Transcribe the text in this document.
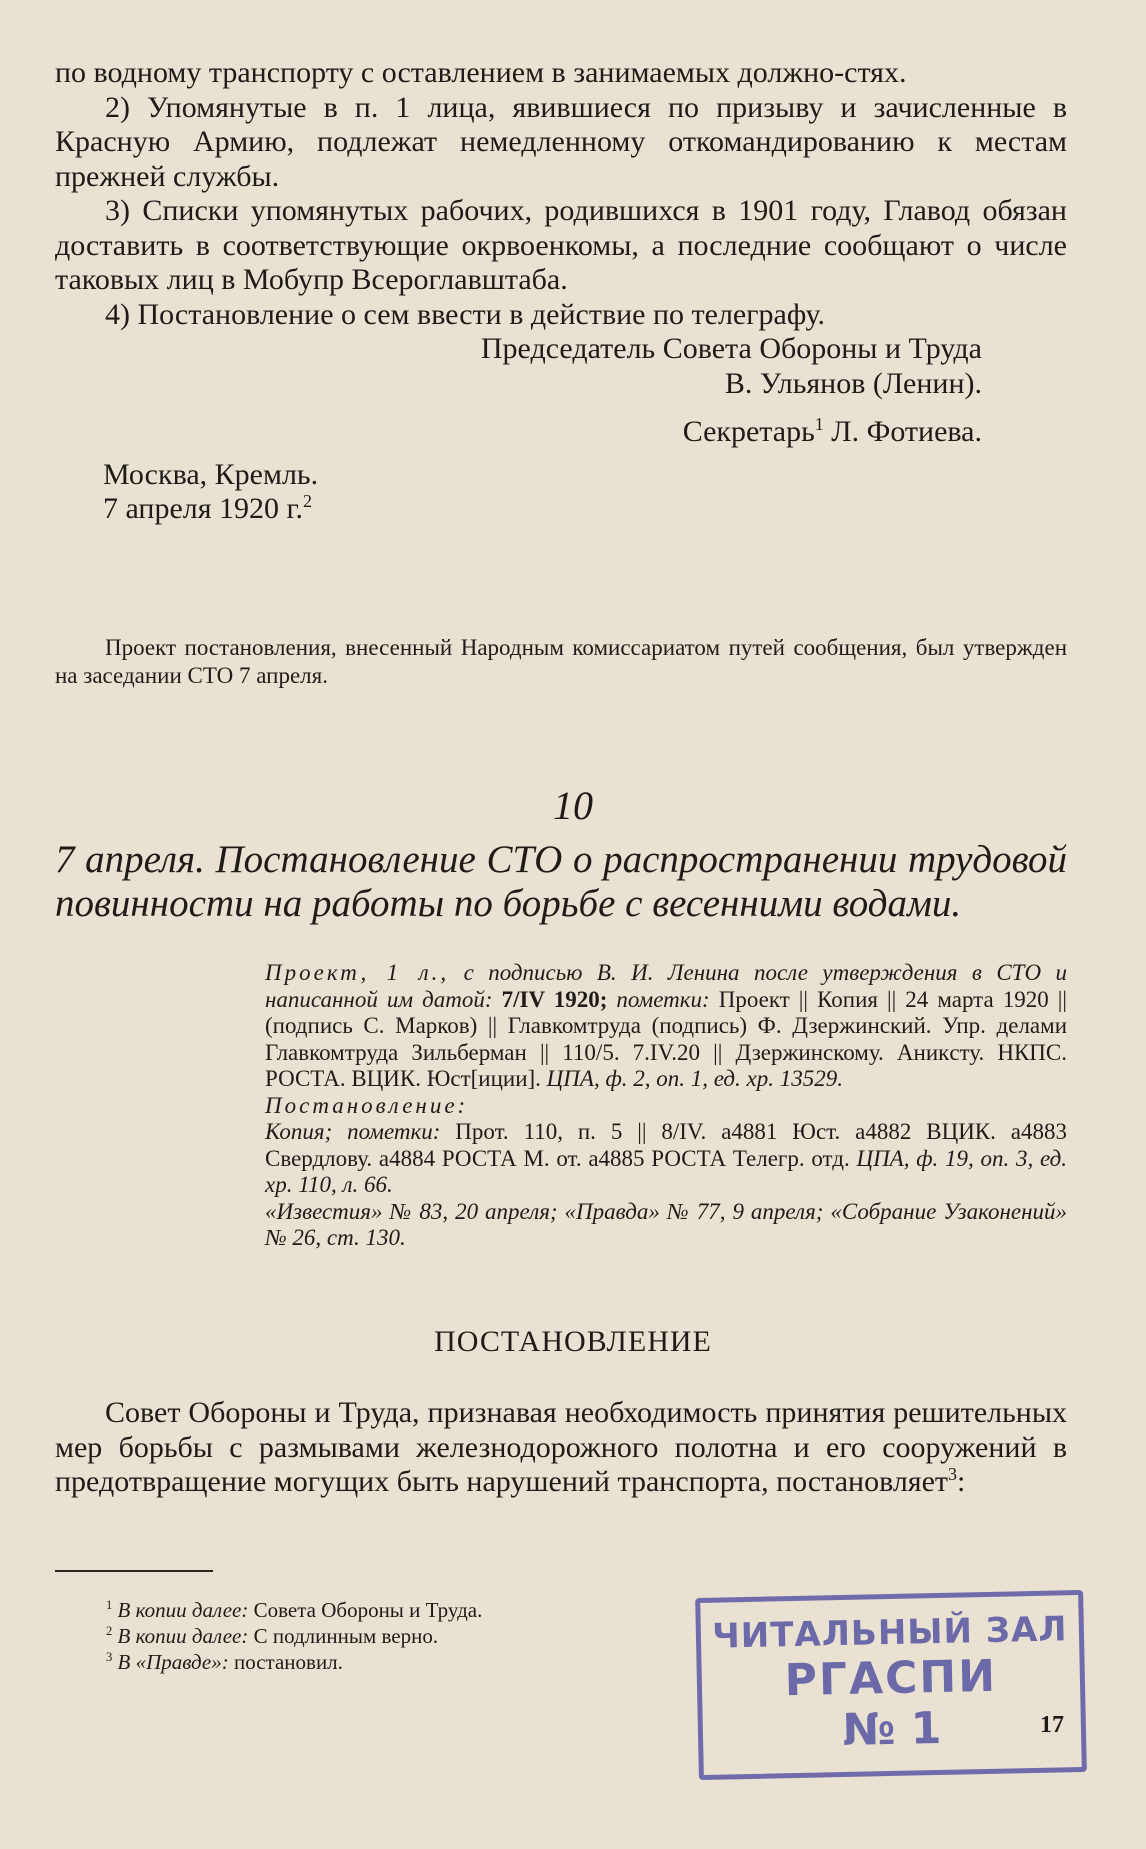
по водному транспорту с оставлением в занимаемых должно-стях.

2) Упомянутые в п. 1 лица, явившиеся по призыву и зачисленные в Красную Армию, подлежат немедленному откомандированию к местам прежней службы.

3) Списки упомянутых рабочих, родившихся в 1901 году, Главод обязан доставить в соответствующие окрвоенкомы, а последние сообщают о числе таковых лиц в Мобупр Всероглавштаба.

4) Постановление о сем ввести в действие по телеграфу.

Председатель Совета Обороны и Труда

В. Ульянов (Ленин).

Секретарь$^1$ Л. Фотиева.

Москва, Кремль.

7 апреля 1920 г.$^2$

Проект постановления, внесенный Народным комиссариатом путей сообщения, был утвержден на заседании СТО 7 апреля.

10
7 апреля. Постановление СТО о распространении трудовой повинности на работы по борьбе с весенними водами.

Проект, 1 л., с подписью В. И. Ленина после утверждения в СТО и написанной им датой: 7/IV 1920; пометки: Проект || Копия || 24 марта 1920 || (подпись С. Марков) || Главкомтруда (подпись) Ф. Дзержинский. Упр. делами Главкомтруда Зильберман || 110/5. 7.IV.20 || Дзержинскому. Аникcту. НКПС. РОСТА. ВЦИК. Юст[иции]. ЦПА, ф. 2, оп. 1, ед. хр. 13529.

Постановление:

Копия; пометки: Прот. 110, п. 5 || 8/IV. а4881 Юст. а4882 ВЦИК. а4883 Свердлову. а4884 РОСТА М. от. а4885 РОСТА Телегр. отд. ЦПА, ф. 19, оп. 3, ед. хр. 110, л. 66.

«Известия» № 83, 20 апреля; «Правда» № 77, 9 апреля; «Собрание Узаконений» № 26, ст. 130.

ПОСТАНОВЛЕНИЕ

Совет Обороны и Труда, признавая необходимость принятия решительных мер борьбы с размывами железнодорожного полотна и его сооружений в предотвращение могущих быть нарушений транспорта, постановляет$^3$:

$^1$ В копии далее: Совета Обороны и Труда.

$^2$ В копии далее: С подлинным верно.

$^3$ В «Правде»: постановил.

ЧИТАЛЬНЫЙ ЗАЛ
РГАСПИ
№ 1	17
